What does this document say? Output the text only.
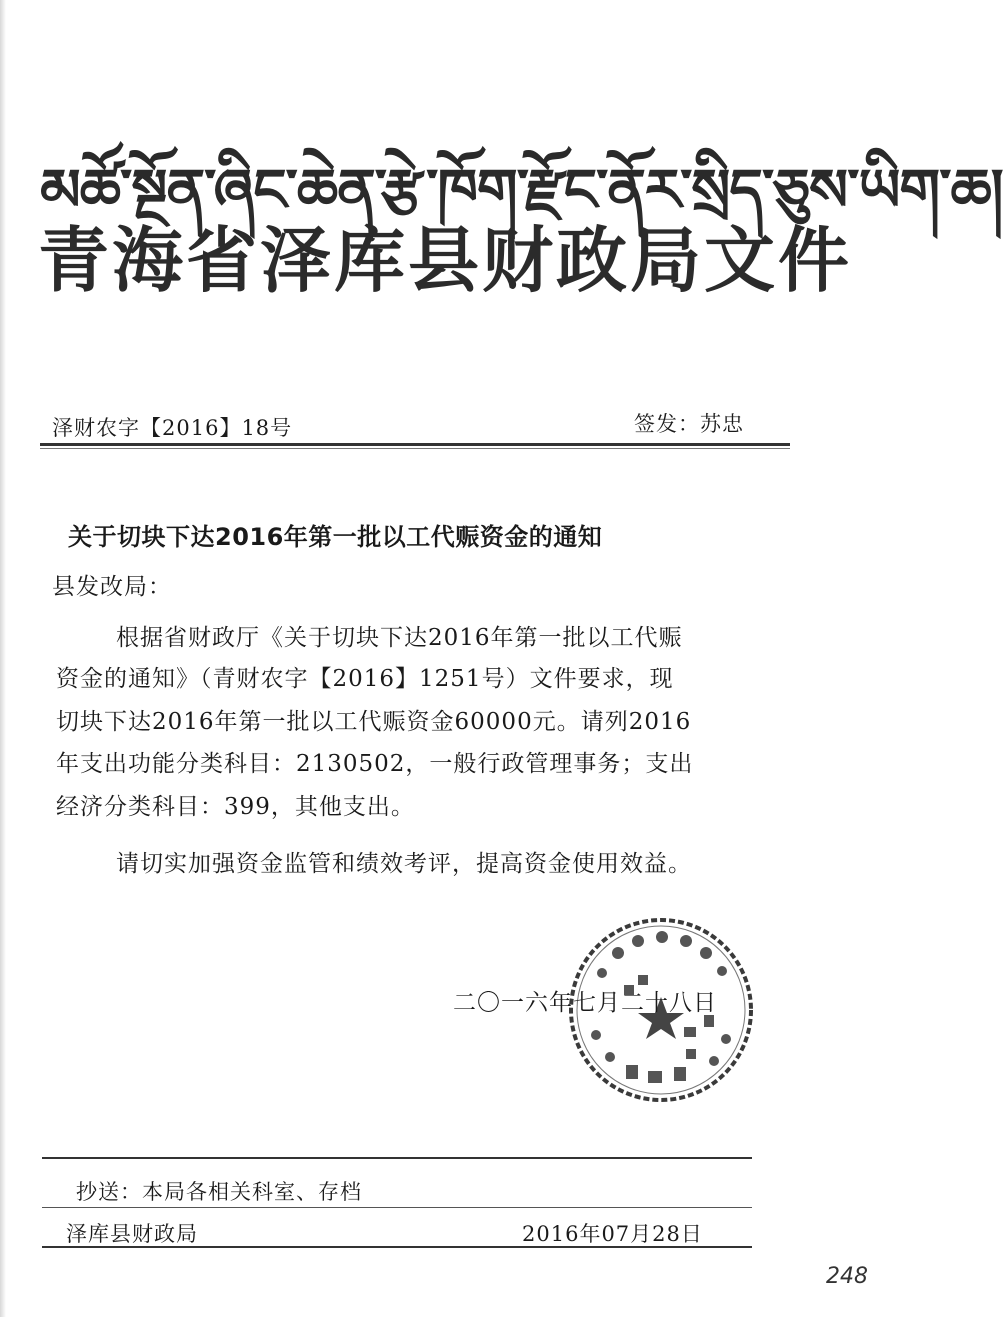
མཚོ་སྔོན་ཞིང་ཆེན་རྩེ་ཁོག་རྫོང་ནོར་སྲིད་ཅུས་ཡིག་ཆ།
青海省泽库县财政局文件
泽财农字【2016】18号	签发：苏忠
关于切块下达2016年第一批以工代赈资金的通知
县发改局：
根据省财政厅《关于切块下达2016年第一批以工代赈
资金的通知》（青财农字【2016】1251号）文件要求，现
切块下达2016年第一批以工代赈资金60000元。请列2016
年支出功能分类科目：2130502，一般行政管理事务；支出
经济分类科目：399，其他支出。
请切实加强资金监管和绩效考评，提高资金使用效益。
二〇一六年七月二十八日
抄送：本局各相关科室、存档
泽库县财政局	2016年07月28日
248
